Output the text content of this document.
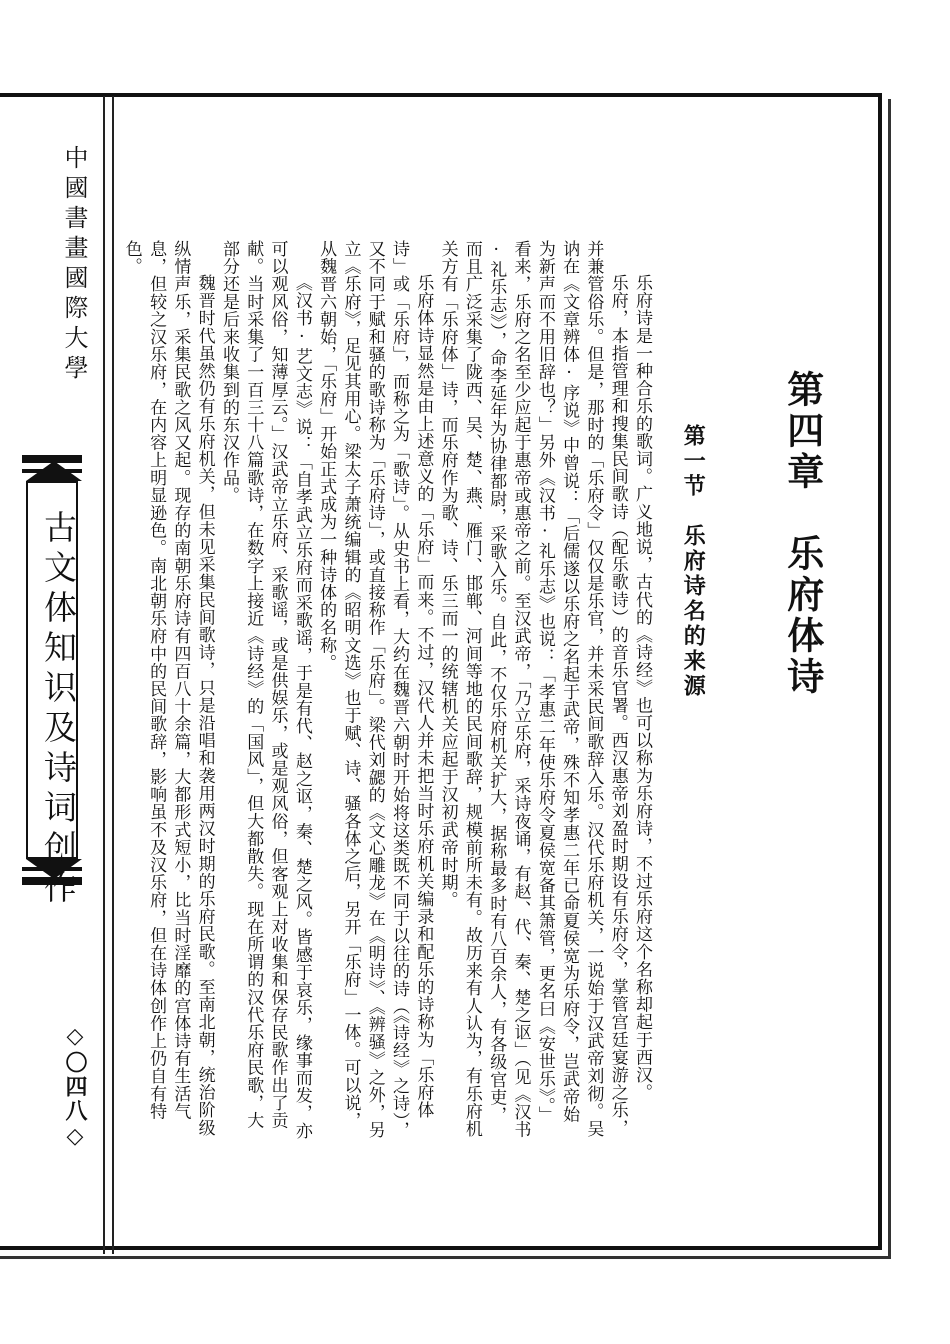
中國書畫國際大學
古文体知识及诗词创作
◇〇四八◇
第四章　乐府体诗
第一节　乐府诗名的来源

乐府诗是一种合乐的歌词。广义地说，古代的《诗经》也可以称为乐府诗，不过乐府这个名称却起于西汉。

乐府，本指管理和搜集民间歌诗（配乐歌诗）的音乐官署。西汉惠帝刘盈时期设有乐府令，掌管宫廷宴游之乐，并兼管俗乐。但是，那时的「乐府令」仅仅是乐官，并未采民间歌辞入乐。汉代乐府机关，一说始于汉武帝刘彻。吴讷在《文章辨体·序说》中曾说：「后儒遂以乐府之名起于武帝，殊不知孝惠二年已命夏侯宽为乐府令，岂武帝始为新声而不用旧辞也？」另外《汉书·礼乐志》也说：「孝惠二年使乐府令夏侯宽备其箫管，更名曰《安世乐》。」看来，乐府之名至少应起于惠帝或惠帝之前。至汉武帝，「乃立乐府，采诗夜诵，有赵、代、秦、楚之讴」（见《汉书·礼乐志》），命李延年为协律都尉，采歌入乐。自此，不仅乐府机关扩大，据称最多时有八百余人，有各级官吏，而且广泛采集了陇西、吴、楚、燕、雁门、邯郸、河间等地的民间歌辞，规模前所未有。故历来有人认为，有乐府机关方有「乐府体」诗，而乐府作为歌、诗、乐三而一的统辖机关应起于汉初武帝时期。

乐府体诗显然是由上述意义的「乐府」而来。不过，汉代人并未把当时乐府机关编录和配乐的诗称为「乐府体诗」或「乐府」，而称之为「歌诗」。从史书上看，大约在魏晋六朝时开始将这类既不同于以往的诗（《诗经》之诗），又不同于赋和骚的歌诗称为「乐府诗」，或直接称作「乐府」。梁代刘勰的《文心雕龙》在《明诗》、《辨骚》之外，另立《乐府》，足见其用心。梁太子萧统编辑的《昭明文选》也于赋、诗、骚各体之后，另开「乐府」一体。可以说，从魏晋六朝始，「乐府」开始正式成为一种诗体的名称。

《汉书·艺文志》说：「自孝武立乐府而采歌谣，于是有代、赵之讴，秦、楚之风。皆感于哀乐，缘事而发，亦可以观风俗，知薄厚云。」汉武帝立乐府、采歌谣，或是供娱乐，或是观风俗，但客观上对收集和保存民歌作出了贡献。当时采集了一百三十八篇歌诗，在数字上接近《诗经》的「国风」，但大都散失。现在所谓的汉代乐府民歌，大部分还是后来收集到的东汉作品。

魏晋时代虽然仍有乐府机关，但未见采集民间歌诗，只是沿唱和袭用两汉时期的乐府民歌。至南北朝，统治阶级纵情声乐，采集民歌之风又起。现存的南朝乐府诗有四百八十余篇，大都形式短小，比当时淫靡的宫体诗有生活气息，但较之汉乐府，在内容上明显逊色。南北朝乐府中的民间歌辞，影响虽不及汉乐府，但在诗体创作上仍自有特色。
